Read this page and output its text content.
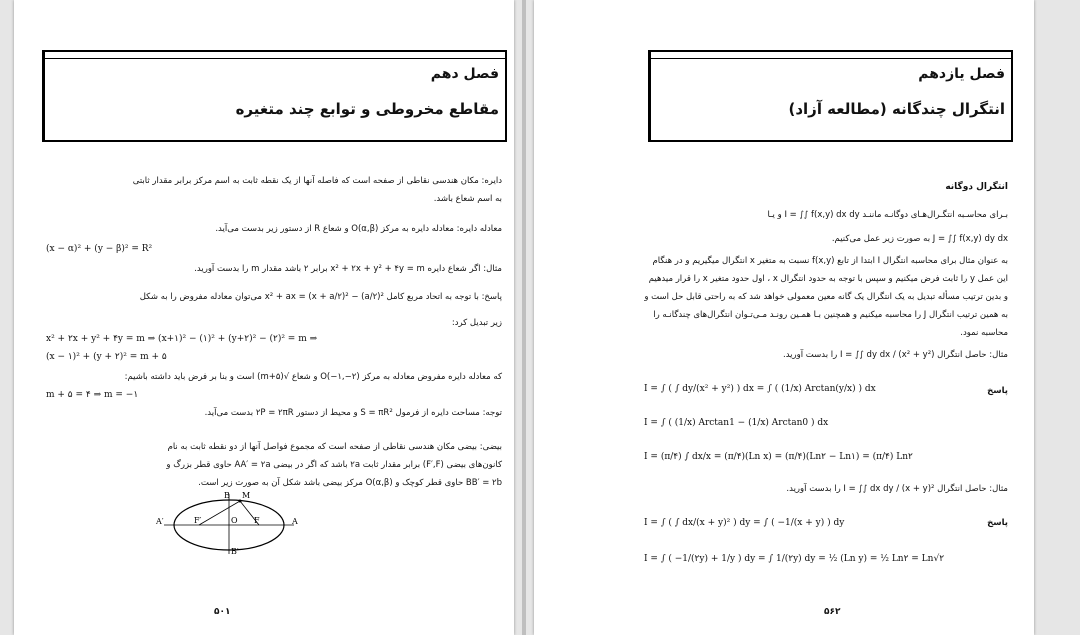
فصل دهم
مقاطع مخروطی و توابع چند متغیره
دایره: مکان هندسی نقاطی از صفحه است که فاصله آنها از یک نقطه ثابت به اسم مرکز برابر مقدار ثابتی
به اسم شعاع باشد.
معادله دایره: معادله دایره به مرکز O(α,β) و شعاع R از دستور زیر بدست می‌آید.
(x − α)² + (y − β)² = R²
مثال: اگر شعاع دایره x² + ۲x + y² + ۴y = m برابر ۲ باشد مقدار m را بدست آورید.
پاسخ: با توجه به اتحاد مربع کامل x² + ax = (x + a/۲)² − (a/۲)² می‌توان معادله مفروض را به شکل
زیر تبدیل کرد:
x² + ۲x + y² + ۴y = m ⇒ (x+۱)² − (۱)² + (y+۲)² − (۲)² = m ⇒
(x − ۱)² + (y + ۲)² = m + ۵
که معادله دایره مفروض معادله به مرکز O(−۱,−۲) و شعاع √(m+۵) است و بنا بر فرض باید داشته باشیم:
m + ۵ = ۴ ⇒ m = −۱
توجه: مساحت دایره از فرمول S = πR² و محیط از دستور ۲P = ۲πR بدست می‌آید.
بیضی: بیضی مکان هندسی نقاطی از صفحه است که مجموع فواصل آنها از دو نقطه ثابت به نام
کانون‌های بیضی (F′,F) برابر مقدار ثابت ۲a باشد که اگر در بیضی AA′ = ۲a حاوی قطر بزرگ و
BB′ = ۲b حاوی قطر کوچک و O(α,β) مرکز بیضی باشد شکل آن به صورت زیر است.
A′	F′	O F	A
B M
B′
۵۰۱
فصل یازدهم
انتگرال چندگانه (مطالعه آزاد)
انتگرال دوگانه
بـرای محاسـبه انتگـرال‌هـای دوگانـه ماننـد I = ∫∫ f(x,y) dx dy و یـا
J = ∫∫ f(x,y) dy dx به صورت زیر عمل می‌کنیم.
به عنوان مثال برای محاسبه انتگرال I ابتدا از تابع f(x,y) نسبت به متغیر x انتگرال میگیریم و در هنگام
این عمل y را ثابت فرض میکنیم و سپس با توجه به حدود انتگرال x ، اول حدود متغیر x را قرار میدهیم
و بدین ترتیب مسأله تبدیل به یک انتگرال یک گانه معین معمولی خواهد شد که به راحتی قابل حل است و
به همین ترتیب انتگرال J را محاسبه میکنیم و همچنین بـا همـین رونـد مـی‌تـوان انتگرال‌های چندگانـه را
محاسبه نمود.
مثال: حاصل انتگرال I = ∫∫ dy dx / (x² + y²) را بدست آورید.
پاسخ
I = ∫ ( ∫ dy/(x² + y²) ) dx = ∫ ( (1/x) Arctan(y/x) ) dx
I = ∫ ( (1/x) Arctan1 − (1/x) Arctan0 ) dx
I = (π/۴) ∫ dx/x = (π/۴)(Ln x) = (π/۴)(Ln۲ − Ln۱) = (π/۴) Ln۲
مثال: حاصل انتگرال I = ∫∫ dx dy / (x + y)² را بدست آورید.
پاسخ
I = ∫ ( ∫ dx/(x + y)² ) dy = ∫ ( −1/(x + y) ) dy
I = ∫ ( −1/(۲y) + 1/y ) dy = ∫ 1/(۲y) dy = ½ (Ln y) = ½ Ln۲ = Ln√۲
۵۶۲
